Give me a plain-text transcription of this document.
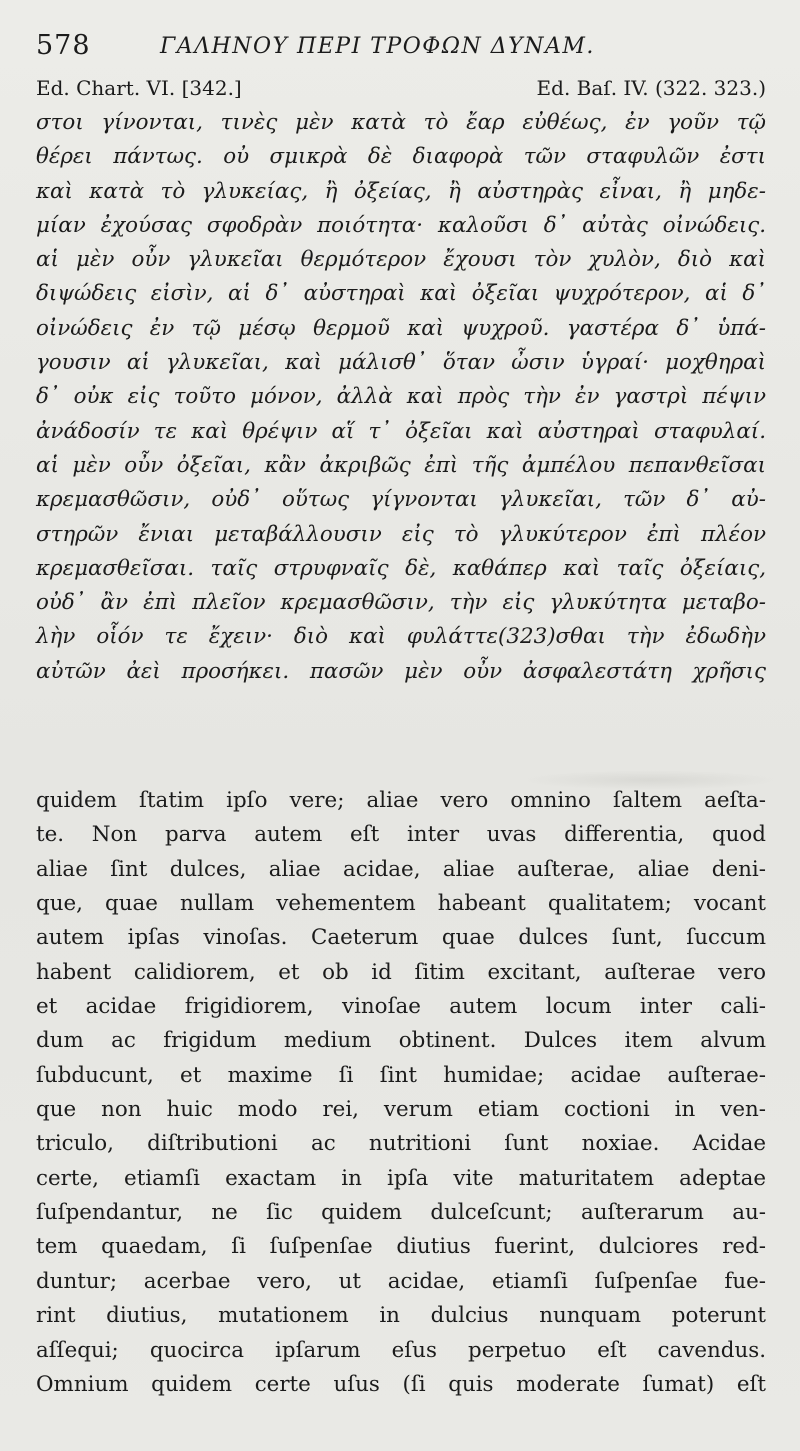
578	ΓΑΛΗΝΟΥ ΠΕΡΙ ΤΡΟΦΩΝ ΔΥΝΑΜ.
Ed. Chart. VI. [342.]	Ed. Baſ. IV. (322. 323.)
στοι γίνονται, τινὲς μὲν κατὰ τὸ ἔαρ εὐθέως, ἐν γοῦν τῷ
θέρει πάντως. οὐ σμικρὰ δὲ διαφορὰ τῶν σταφυλῶν ἐστι
καὶ κατὰ τὸ γλυκείας, ἢ ὀξείας, ἢ αὐστηρὰς εἶναι, ἢ μηδε-
μίαν ἐχούσας σφοδρὰν ποιότητα· καλοῦσι δ᾽ αὐτὰς οἰνώδεις.
αἱ μὲν οὖν γλυκεῖαι θερμότερον ἔχουσι τὸν χυλὸν, διὸ καὶ
διψώδεις εἰσὶν, αἱ δ᾽ αὐστηραὶ καὶ ὀξεῖαι ψυχρότερον, αἱ δ᾽
οἰνώδεις ἐν τῷ μέσῳ θερμοῦ καὶ ψυχροῦ. γαστέρα δ᾽ ὑπά-
γουσιν αἱ γλυκεῖαι, καὶ μάλισθ᾽ ὅταν ὦσιν ὑγραί· μοχθηραὶ
δ᾽ οὐκ εἰς τοῦτο μόνον, ἀλλὰ καὶ πρὸς τὴν ἐν γαστρὶ πέψιν
ἀνάδοσίν τε καὶ θρέψιν αἵ τ᾽ ὀξεῖαι καὶ αὐστηραὶ σταφυλαί.
αἱ μὲν οὖν ὀξεῖαι, κἂν ἀκριβῶς ἐπὶ τῆς ἀμπέλου πεπανθεῖσαι
κρεμασθῶσιν, οὐδ᾽ οὕτως γίγνονται γλυκεῖαι, τῶν δ᾽ αὐ-
στηρῶν ἔνιαι μεταβάλλουσιν εἰς τὸ γλυκύτερον ἐπὶ πλέον
κρεμασθεῖσαι. ταῖς στρυφναῖς δὲ, καθάπερ καὶ ταῖς ὀξείαις,
οὐδ᾽ ἂν ἐπὶ πλεῖον κρεμασθῶσιν, τὴν εἰς γλυκύτητα μεταβο-
λὴν οἷόν τε ἔχειν· διὸ καὶ φυλάττε(323)σθαι τὴν ἐδωδὴν
αὐτῶν ἀεὶ προσήκει. πασῶν μὲν οὖν ἀσφαλεστάτη χρῆσις
quidem ſtatim ipſo vere; aliae vero omnino ſaltem aeſta-
te. Non parva autem eſt inter uvas differentia, quod
aliae ſint dulces, aliae acidae, aliae auſterae, aliae deni-
que, quae nullam vehementem habeant qualitatem; vocant
autem ipſas vinoſas. Caeterum quae dulces ſunt, ſuccum
habent calidiorem, et ob id ſitim excitant, auſterae vero
et acidae frigidiorem, vinoſae autem locum inter cali-
dum ac frigidum medium obtinent. Dulces item alvum
ſubducunt, et maxime ſi ſint humidae; acidae auſterae-
que non huic modo rei, verum etiam coctioni in ven-
triculo, diſtributioni ac nutritioni ſunt noxiae. Acidae
certe, etiamſi exactam in ipſa vite maturitatem adeptae
ſuſpendantur, ne ſic quidem dulceſcunt; auſterarum au-
tem quaedam, ſi ſuſpenſae diutius fuerint, dulciores red-
duntur; acerbae vero, ut acidae, etiamſi ſuſpenſae fue-
rint diutius, mutationem in dulcius nunquam poterunt
aſſequi; quocirca ipſarum eſus perpetuo eſt cavendus.
Omnium quidem certe uſus (ſi quis moderate ſumat) eſt
